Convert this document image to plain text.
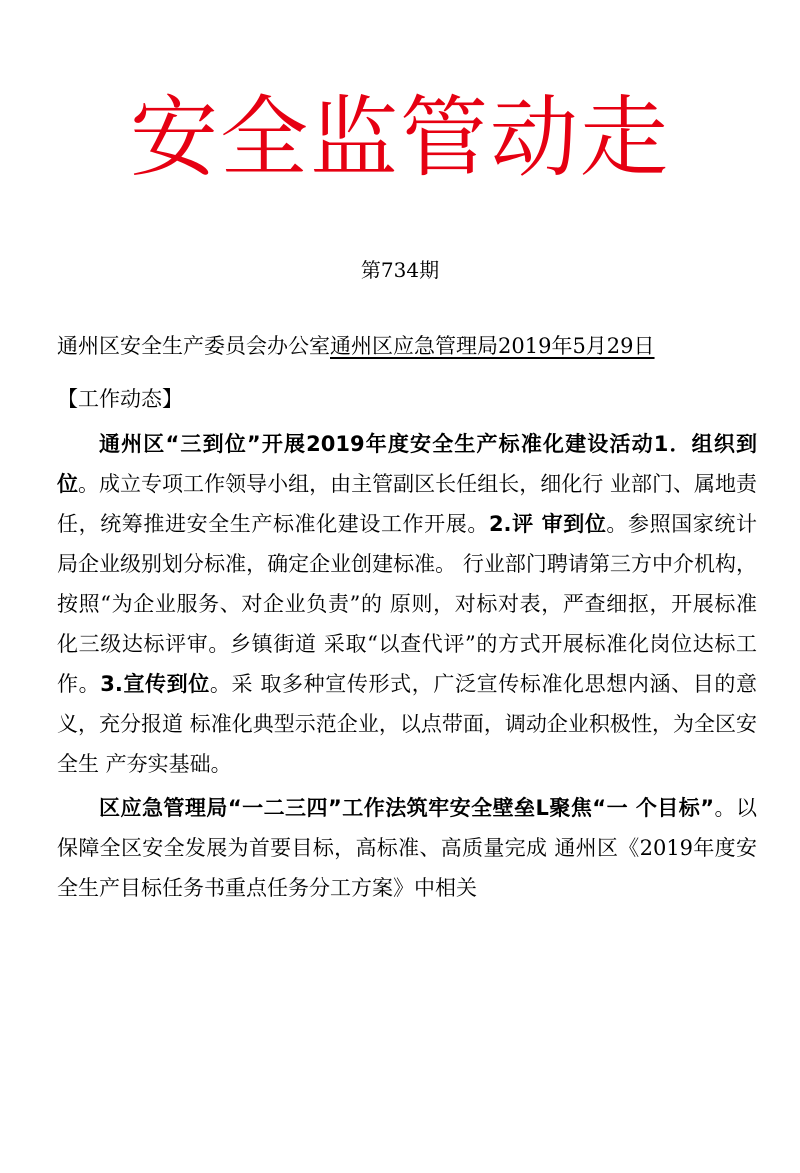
安全监管动走
第734期
通州区安全生产委员会办公室通州区应急管理局2019年5月29日
【工作动态】

通州区“三到位”开展2019年度安全生产标准化建设活动1．组织到位。成立专项工作领导小组，由主管副区长任组长，细化行 业部门、属地责任，统筹推进安全生产标准化建设工作开展。2.评 审到位。参照国家统计局企业级别划分标准，确定企业创建标准。 行业部门聘请第三方中介机构，按照“为企业服务、对企业负责”的 原则，对标对表，严查细抠，开展标准化三级达标评审。乡镇街道 采取“以查代评”的方式开展标准化岗位达标工作。3.宣传到位。采 取多种宣传形式，广泛宣传标准化思想内涵、目的意义，充分报道 标准化典型示范企业，以点带面，调动企业积极性，为全区安全生 产夯实基础。

区应急管理局“一二三四”工作法筑牢安全壁垒L聚焦“一 个目标”。以保障全区安全发展为首要目标，高标准、高质量完成 通州区《2019年度安全生产目标任务书重点任务分工方案》中相关
